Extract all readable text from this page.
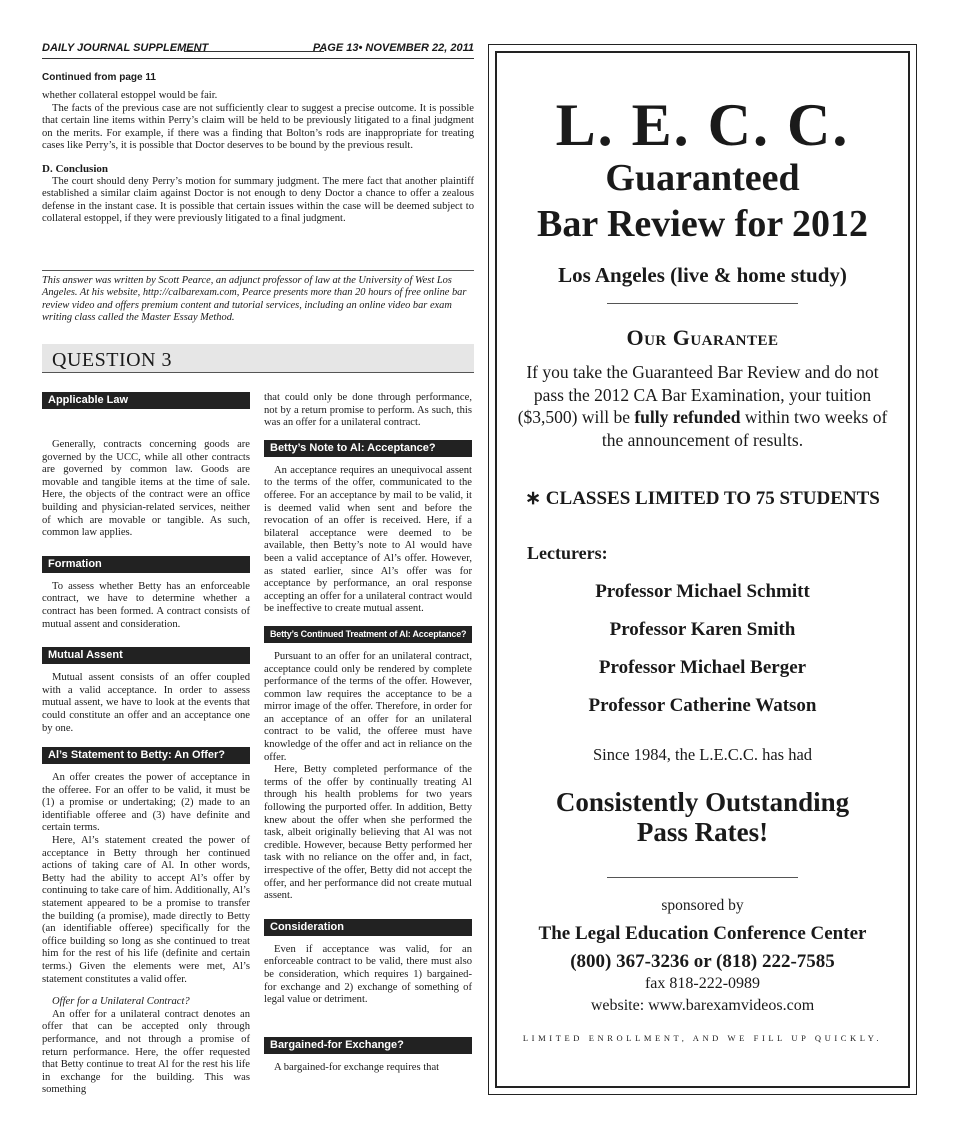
DAILY JOURNAL SUPPLEMENT	PAGE 13• NOVEMBER 22, 2011
Continued from page 11

whether collateral estoppel would be fair.

The facts of the previous case are not sufficiently clear to suggest a precise outcome. It is possible that certain line items within Perry’s claim will be held to be previously litigated to a final judgment on the merits. For example, if there was a finding that Bolton’s rods are inappropriate for treating cases like Perry’s, it is possible that Doctor deserves to be bound by the previous result.

D. Conclusion

The court should deny Perry’s motion for summary judgment. The mere fact that another plaintiff established a similar claim against Doctor is not enough to deny Doctor a chance to offer a zealous defense in the instant case. It is possible that certain issues within the case will be deemed subject to collateral estoppel, if they were previously litigated to a final judgment.

This answer was written by Scott Pearce, an adjunct professor of law at the University of West Los Angeles. At his website, http://calbarexam.com, Pearce presents more than 20 hours of free online bar review video and offers premium content and tutorial services, including an online video bar exam writing class called the Master Essay Method.
QUESTION 3
Applicable Law

Generally, contracts concerning goods are governed by the UCC, while all other contracts are governed by common law. Goods are movable and tangible items at the time of sale. Here, the objects of the contract were an office building and physician-related services, neither of which are movable or tangible. As such, common law applies.

Formation

To assess whether Betty has an enforceable contract, we have to determine whether a contract has been formed. A contract consists of mutual assent and consideration.

Mutual Assent

Mutual assent consists of an offer coupled with a valid acceptance. In order to assess mutual assent, we have to look at the events that could constitute an offer and an acceptance one by one.

Al’s Statement to Betty: An Offer?

An offer creates the power of acceptance in the offeree. For an offer to be valid, it must be (1) a promise or undertaking; (2) made to an identifiable offeree and (3) have definite and certain terms.

Here, Al’s statement created the power of acceptance in Betty through her continued actions of taking care of Al. In other words, Betty had the ability to accept Al’s offer by continuing to take care of him. Additionally, Al’s statement appeared to be a promise to transfer the building (a promise), made directly to Betty (an identifiable offeree) specifically for the office building so long as she continued to treat him for the rest of his life (definite and certain terms.) Given the elements were met, Al’s statement constitutes a valid offer.

Offer for a Unilateral Contract?

An offer for a unilateral contract denotes an offer that can be accepted only through performance, and not through a promise of return performance. Here, the offer requested that Betty continue to treat Al for the rest his life in exchange for the building. This was something

that could only be done through performance, not by a return promise to perform. As such, this was an offer for a unilateral contract.

Betty’s Note to Al: Acceptance?

An acceptance requires an unequivocal assent to the terms of the offer, communicated to the offeree. For an acceptance by mail to be valid, it is deemed valid when sent and before the revocation of an offer is received. Here, if a bilateral acceptance were deemed to be available, then Betty’s note to Al would have been a valid acceptance of Al’s offer. However, as stated earlier, since Al’s offer was for acceptance by performance, an oral response accepting an offer for a unilateral contract would be ineffective to create mutual assent.

Betty’s Continued Treatment of Al: Acceptance?

Pursuant to an offer for an unilateral contract, acceptance could only be rendered by complete performance of the terms of the offer. However, common law requires the acceptance to be a mirror image of the offer. Therefore, in order for an acceptance of an offer for an unilateral contract to be valid, the offeree must have knowledge of the offer and act in reliance on the offer.

Here, Betty completed performance of the terms of the offer by continually treating Al through his health problems for two years following the purported offer. In addition, Betty knew about the offer when she performed the task, albeit originally believing that Al was not credible. However, because Betty performed her task with no reliance on the offer and, in fact, irrespective of the offer, Betty did not accept the offer, and her performance did not create mutual assent.

Consideration

Even if acceptance was valid, for an enforceable contract to be valid, there must also be consideration, which requires 1) bargained-for exchange and 2) exchange of something of legal value or detriment.

Bargained-for Exchange?

A bargained-for exchange requires that

L. E. C. C.
Guaranteed
Bar Review for 2012
Los Angeles (live & home study)
Our Guarantee
If you take the Guaranteed Bar Review and do not pass the 2012 CA Bar Examination, your tuition ($3,500) will be fully refunded within two weeks of the announcement of results.
∗ CLASSES LIMITED TO 75 STUDENTS
Lecturers:
Professor Michael Schmitt
Professor Karen Smith
Professor Michael Berger
Professor Catherine Watson
Since 1984, the L.E.C.C. has had
Consistently Outstanding
Pass Rates!
sponsored by
The Legal Education Conference Center
(800) 367-3236 or (818) 222-7585
fax 818-222-0989
website: www.barexamvideos.com
LIMITED ENROLLMENT, AND WE FILL UP QUICKLY.
